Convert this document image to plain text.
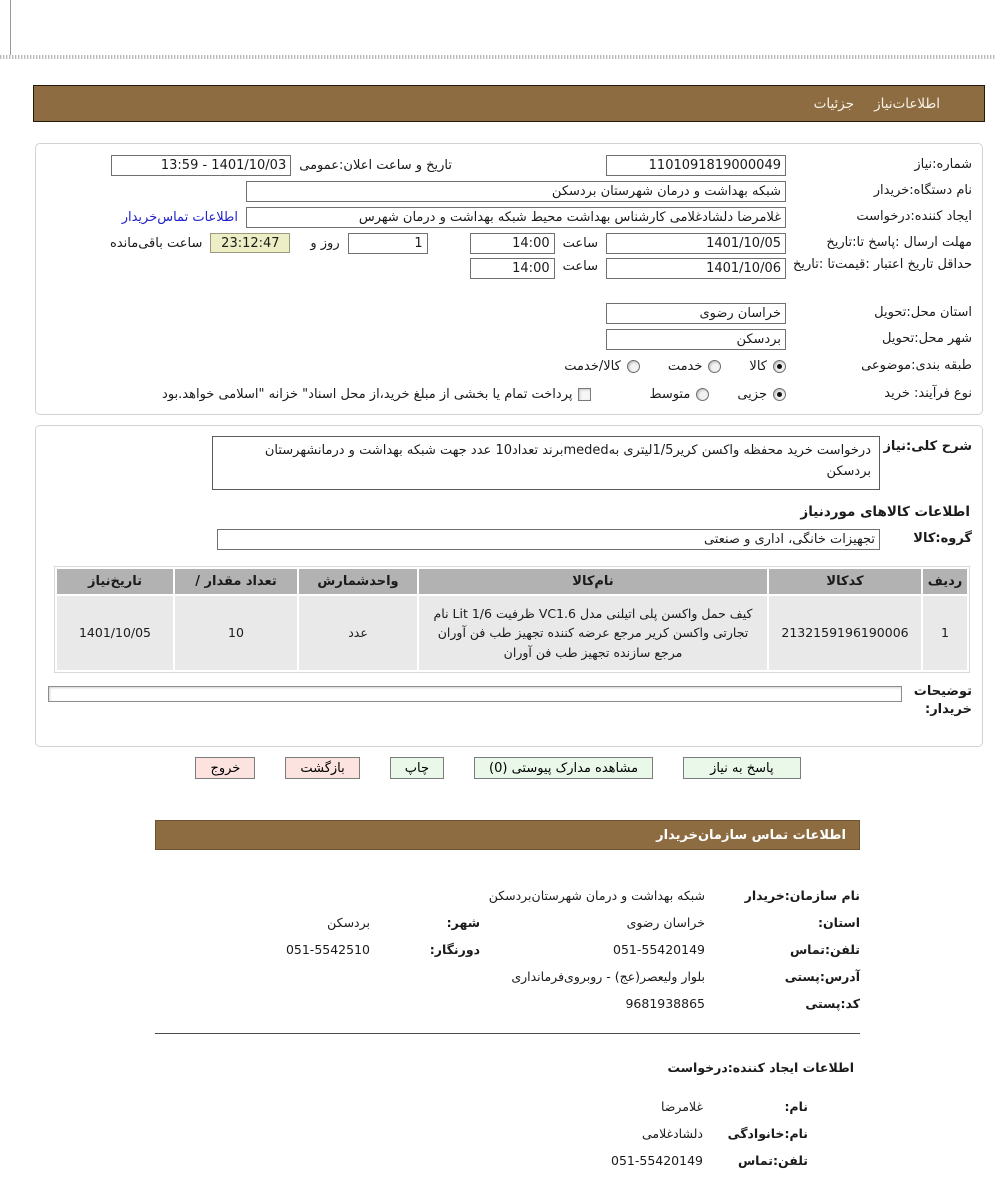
اطلاعات‌نیاز
جزئیات
شماره:نیاز
1101091819000049
تاریخ و ساعت اعلان:عمومی
13:59 - 1401/10/03
نام دستگاه:خریدار
شبکه بهداشت و درمان شهرستان بردسکن
ایجاد کننده:درخواست
غلامرضا دلشادغلامی کارشناس بهداشت محیط شبکه بهداشت و درمان شهرس
اطلاعات تماس‌خریدار
مهلت ارسال :پاسخ تا:تاریخ
1401/10/05
ساعت
14:00
1
روز و
23:12:47
ساعت باقی‌مانده
حداقل تاریخ اعتبار :قیمت‌تا :تاریخ
1401/10/06
ساعت
14:00
استان محل:تحویل
خراسان رضوی
شهر محل:تحویل
بردسکن
طبقه بندی:موضوعی
کالا
خدمت
کالا/خدمت
نوع فرآیند: خرید
جزیی
متوسط
پرداخت تمام یا بخشی از مبلغ خرید،از محل اسناد" خزانه "اسلامی خواهد.بود
شرح کلی:نیاز
درخواست خرید محفظه واکسن کریر1/5لیتری بهmededبرند تعداد10 عدد جهت شبکه بهداشت و درمانشهرستان بردسکن
اطلاعات کالاهای موردنیاز
گروه:کالا
تجهیزات خانگی، اداری و صنعتی
ردیف	کدکالا	نام‌کالا	واحدشمارش	تعداد مقدار /	تاریخ‌نیاز
1	2132159196190006	کیف حمل واکسن پلی اتیلنی مدل VC1.6 ظرفیت 1/6 Lit نام تجارتی واکسن کریر مرجع عرضه کننده تجهیز طب فن آوران مرجع سازنده تجهیز طب فن آوران	عدد	10	1401/10/05
توضیحات خریدار:
پاسخ به نیاز
مشاهده مدارک پیوستی (0)
چاپ
بازگشت
خروج
اطلاعات تماس سازمان‌خریدار
نام سازمان:خریدار
شبکه بهداشت و درمان شهرستان‌بردسکن
استان:
خراسان رضوی
شهر:
بردسکن
تلفن:تماس
051-55420149
دورنگار:
051-5542510
آدرس:پستی
بلوار ولیعصر(عج) - روبروی‌فرمانداری
کد:پستی
9681938865
اطلاعات ایجاد کننده:درخواست
نام:
غلامرضا
نام:خانوادگی
دلشادغلامی
تلفن:تماس
051-55420149
